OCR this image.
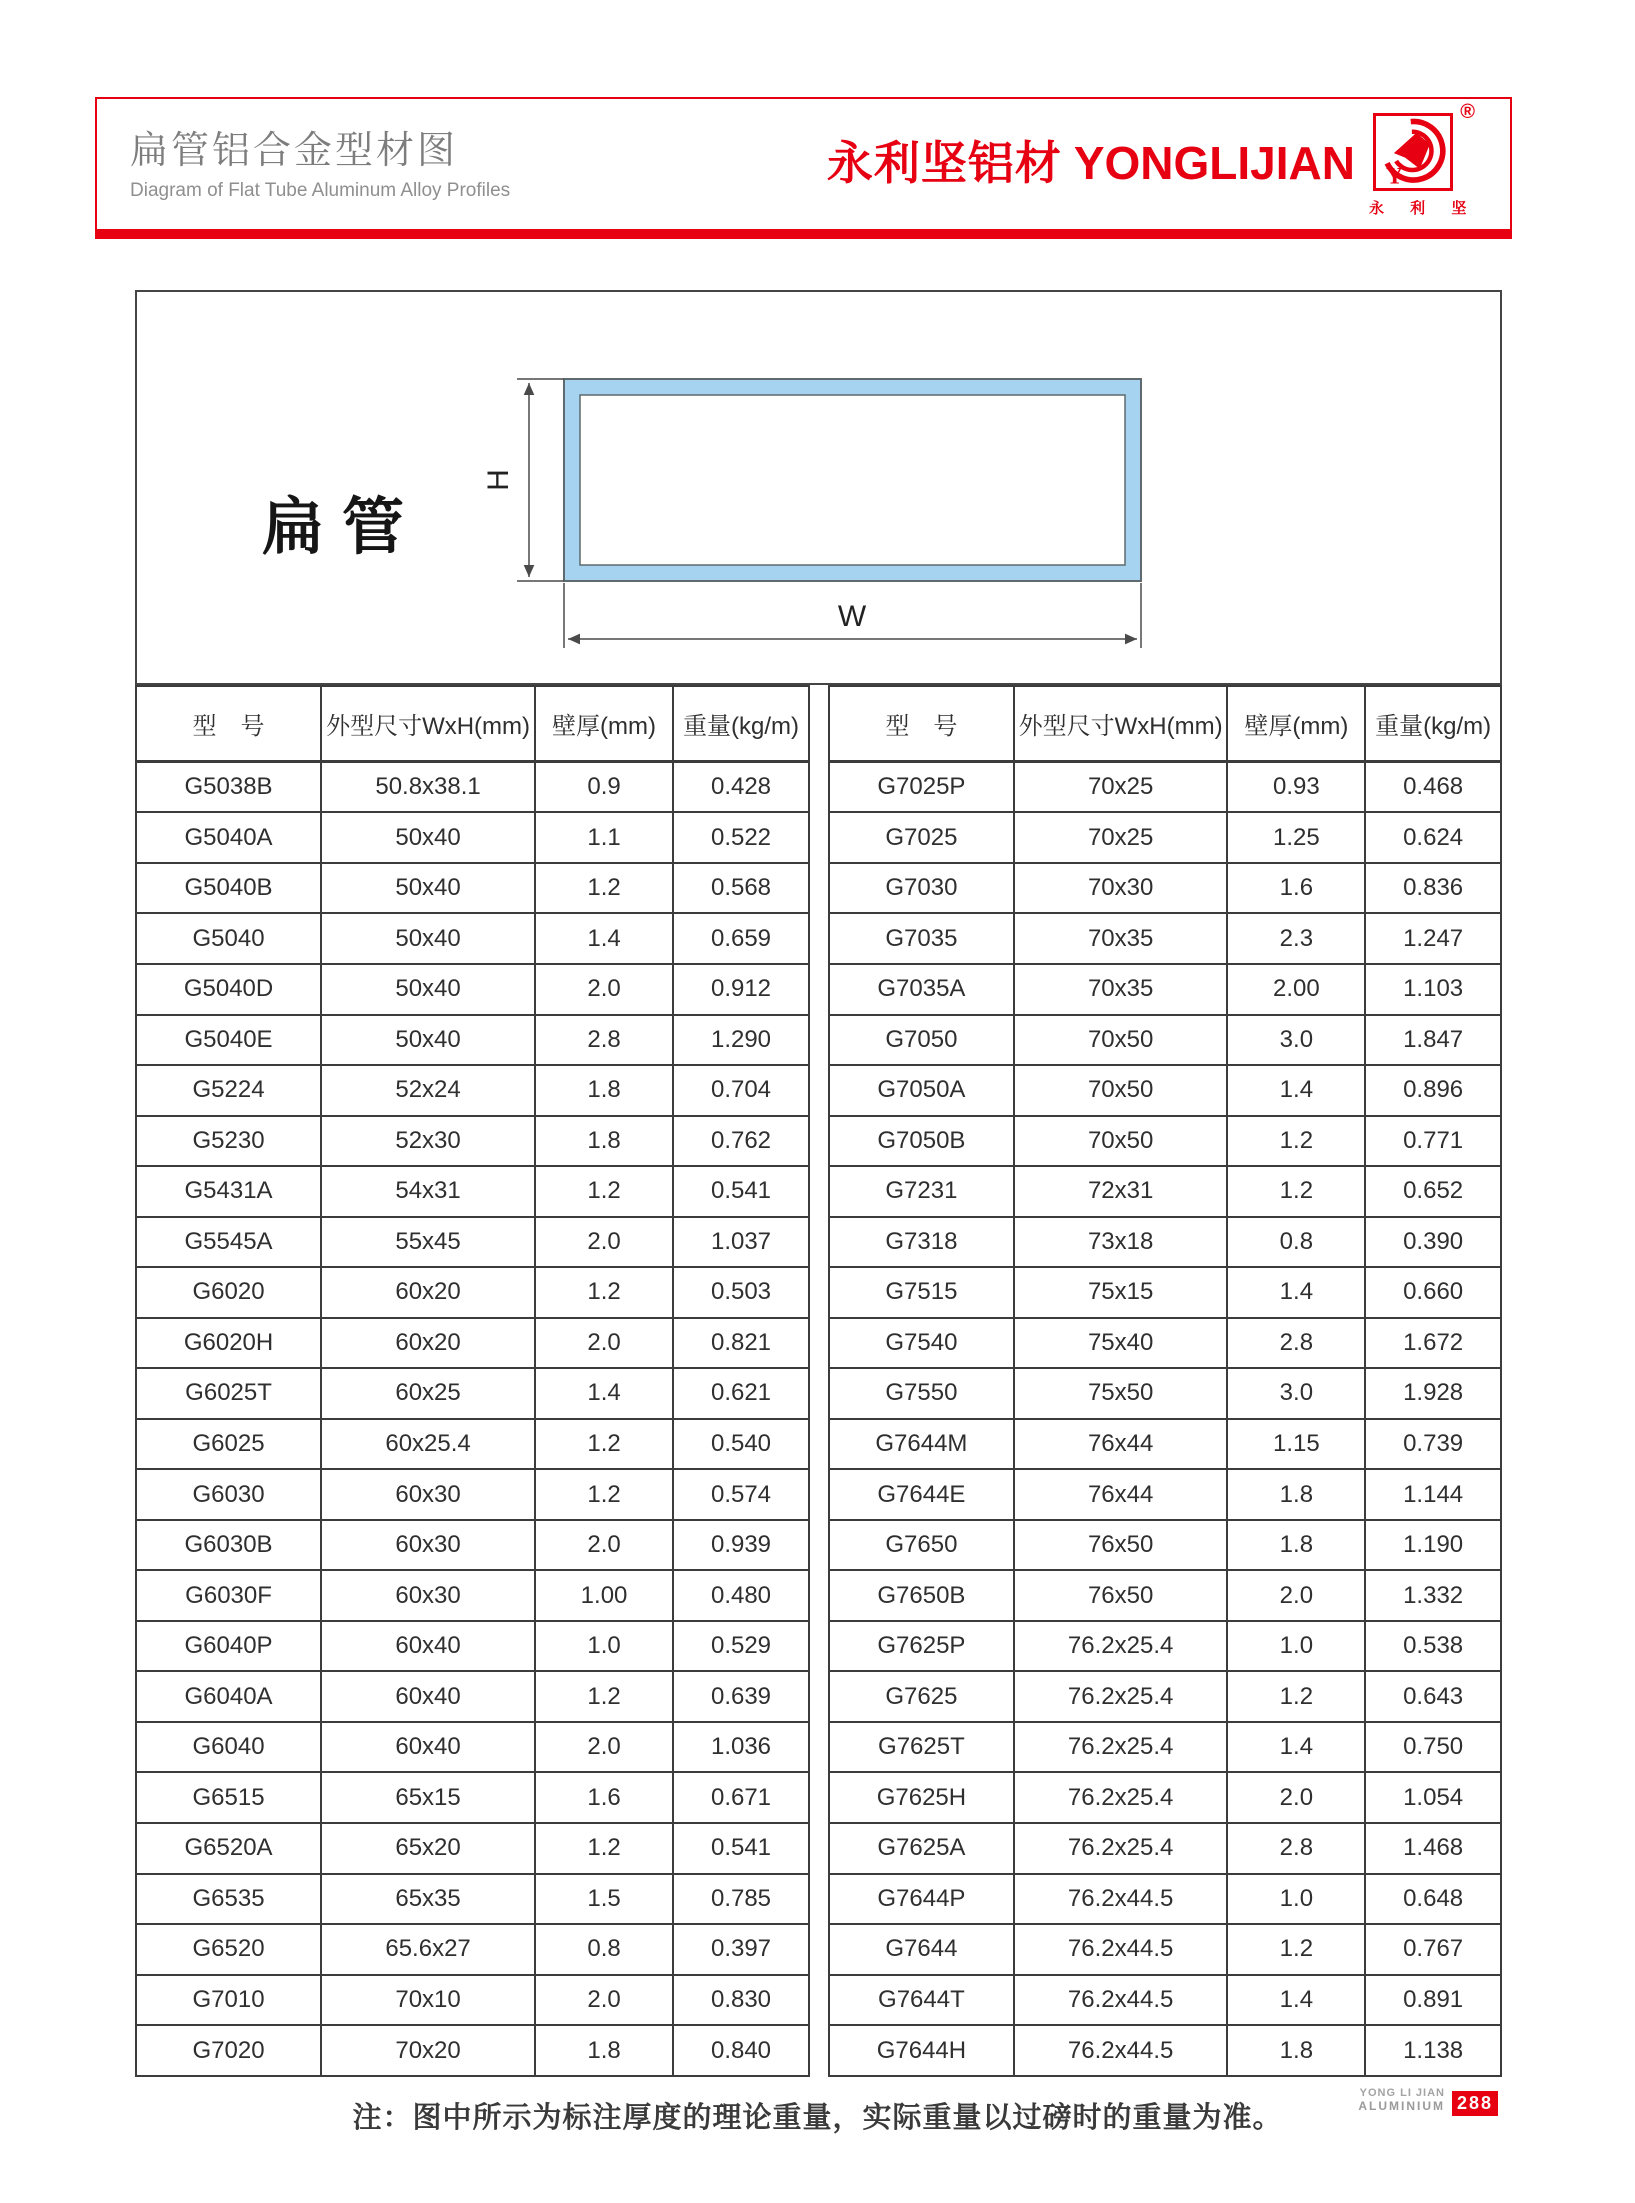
扁管铝合金型材图
Diagram of Flat Tube Aluminum Alloy Profiles
永利坚铝材 YONGLIJIAN Y
®
永 利 坚
扁管
H
W
型　号	外型尺寸WxH(mm)	壁厚(mm)	重量(kg/m)
G5038B	50.8x38.1	0.9	0.428
G5040A	50x40	1.1	0.522
G5040B	50x40	1.2	0.568
G5040	50x40	1.4	0.659
G5040D	50x40	2.0	0.912
G5040E	50x40	2.8	1.290
G5224	52x24	1.8	0.704
G5230	52x30	1.8	0.762
G5431A	54x31	1.2	0.541
G5545A	55x45	2.0	1.037
G6020	60x20	1.2	0.503
G6020H	60x20	2.0	0.821
G6025T	60x25	1.4	0.621
G6025	60x25.4	1.2	0.540
G6030	60x30	1.2	0.574
G6030B	60x30	2.0	0.939
G6030F	60x30	1.00	0.480
G6040P	60x40	1.0	0.529
G6040A	60x40	1.2	0.639
G6040	60x40	2.0	1.036
G6515	65x15	1.6	0.671
G6520A	65x20	1.2	0.541
G6535	65x35	1.5	0.785
G6520	65.6x27	0.8	0.397
G7010	70x10	2.0	0.830
G7020	70x20	1.8	0.840
型　号	外型尺寸WxH(mm)	壁厚(mm)	重量(kg/m)
G7025P	70x25	0.93	0.468
G7025	70x25	1.25	0.624
G7030	70x30	1.6	0.836
G7035	70x35	2.3	1.247
G7035A	70x35	2.00	1.103
G7050	70x50	3.0	1.847
G7050A	70x50	1.4	0.896
G7050B	70x50	1.2	0.771
G7231	72x31	1.2	0.652
G7318	73x18	0.8	0.390
G7515	75x15	1.4	0.660
G7540	75x40	2.8	1.672
G7550	75x50	3.0	1.928
G7644M	76x44	1.15	0.739
G7644E	76x44	1.8	1.144
G7650	76x50	1.8	1.190
G7650B	76x50	2.0	1.332
G7625P	76.2x25.4	1.0	0.538
G7625	76.2x25.4	1.2	0.643
G7625T	76.2x25.4	1.4	0.750
G7625H	76.2x25.4	2.0	1.054
G7625A	76.2x25.4	2.8	1.468
G7644P	76.2x44.5	1.0	0.648
G7644	76.2x44.5	1.2	0.767
G7644T	76.2x44.5	1.4	0.891
G7644H	76.2x44.5	1.8	1.138
注：图中所示为标注厚度的理论重量，实际重量以过磅时的重量为准。
YONG LI JIAN
ALUMINIUM 288
